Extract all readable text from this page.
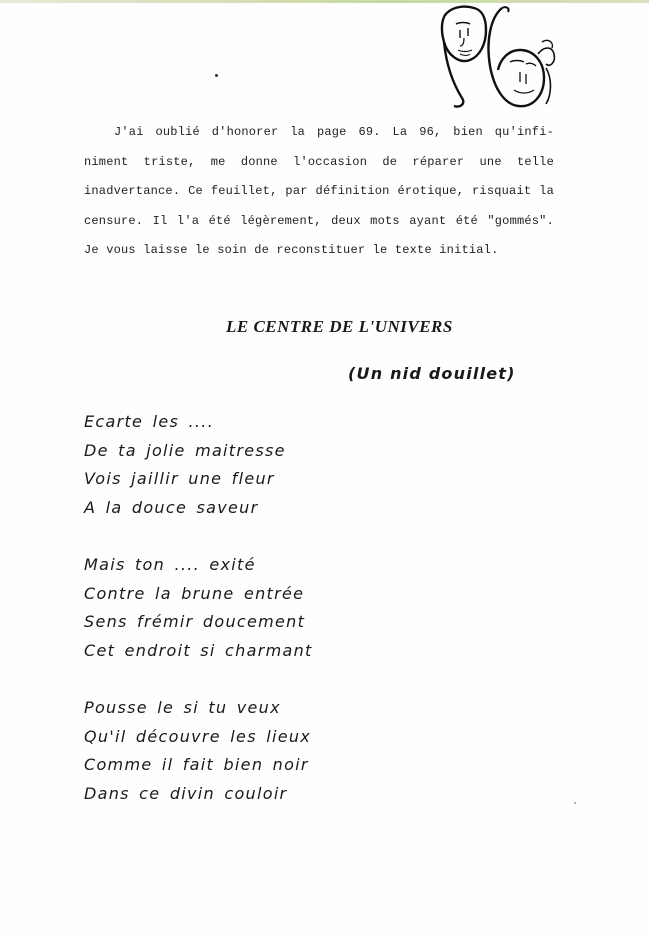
J'ai oublié d'honorer la page 69. La 96, bien qu'infi- niment triste, me donne l'occasion de réparer une telle inadvertance. Ce feuillet, par définition érotique, risquait la censure. Il l'a été légèrement, deux mots ayant été "gommés". Je vous laisse le soin de reconstituer le texte initial.

LE CENTRE DE L'UNIVERS
(Un nid douillet)
Ecarte les ....
De ta jolie maitresse
Vois jaillir une fleur
A la douce saveur
Mais ton .... exité
Contre la brune entrée
Sens frémir doucement
Cet endroit si charmant
Pousse le si tu veux
Qu'il découvre les lieux
Comme il fait bien noir
Dans ce divin couloir
